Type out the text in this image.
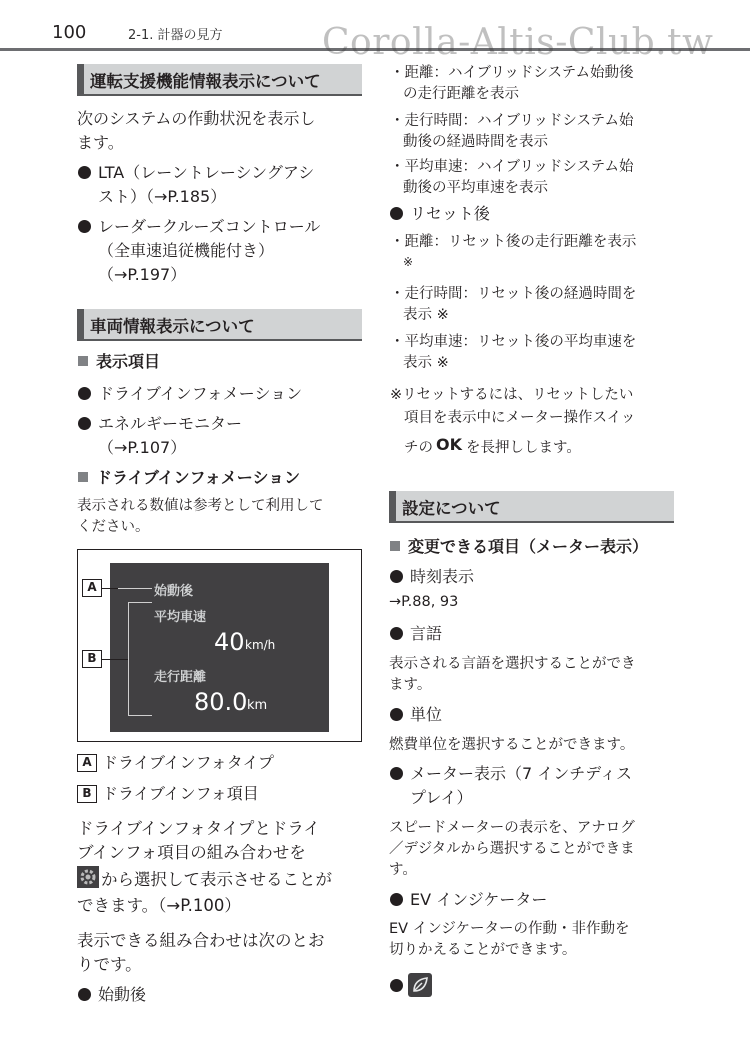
100	2-1. 計器の見方	Corolla-Altis-Club.tw
運転支援機能情報表示について
次のシステムの作動状況を表示し
ます。
LTA（レーントレーシングアシ
スト）（→P.185）
レーダークルーズコントロール
（全車速追従機能付き）
（→P.197）
車両情報表示について
表示項目
ドライブインフォメーション
エネルギーモニター
（→P.107）
ドライブインフォメーション
表示される数値は参考として利用して
ください。
A
B
始動後
平均車速
40 km/h
走行距離
80.0 km
A ドライブインフォタイプ
B ドライブインフォ項目
ドライブインフォタイプとドライ
ブインフォ項目の組み合わせを
から選択して表示させることが
できます。（→P.100）
表示できる組み合わせは次のとお
りです。
始動後
・距離：ハイブリッドシステム始動後
の走行距離を表示
・走行時間：ハイブリッドシステム始
動後の経過時間を表示
・平均車速：ハイブリッドシステム始
動後の平均車速を表示
リセット後
・距離：リセット後の走行距離を表示
※
・走行時間：リセット後の経過時間を
表示 ※
・平均車速：リセット後の平均車速を
表示 ※
※リセットするには、リセットしたい
項目を表示中にメーター操作スイッ
チの OK を長押しします。
設定について
変更できる項目（メーター表示）
時刻表示
→P.88, 93
言語
表示される言語を選択することができ
ます。
単位
燃費単位を選択することができます。
メーター表示（7 インチディス
プレイ）
スピードメーターの表示を、アナログ
／デジタルから選択することができま
す。
EV インジケーター
EV インジケーターの作動・非作動を
切りかえることができます。
